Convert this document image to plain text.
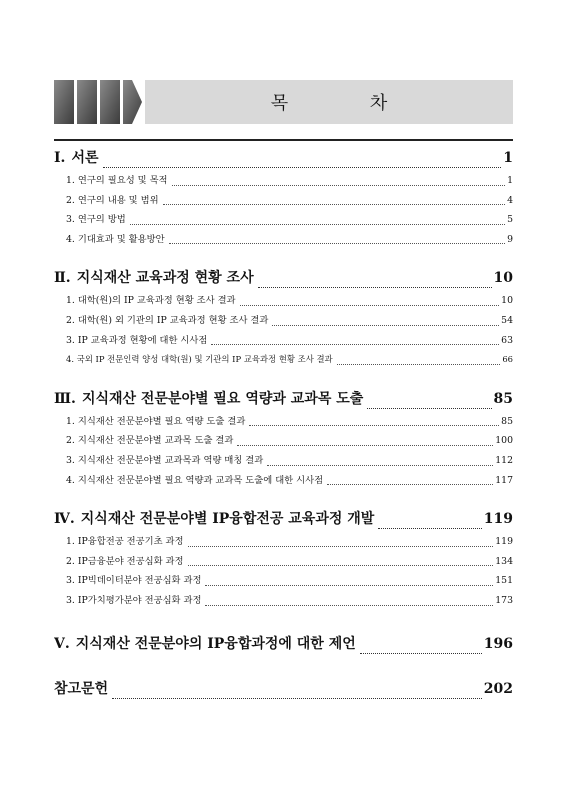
목 차
Ⅰ. 서론	1
1.
연구의 필요성 및 목적	1
2.
연구의 내용 및 범위	4
3.
연구의 방법	5
4.
기대효과 및 활용방안	9
Ⅱ. 지식재산 교육과정 현황 조사	10
1.
대학(원)의 IP 교육과정 현황 조사 결과	10
2.
대학(원) 외 기관의 IP 교육과정 현황 조사 결과	54
3.
IP 교육과정 현황에 대한 시사점	63
4.
국외 IP 전문인력 양성 대학(원) 및 기관의 IP 교육과정 현황 조사 결과	66
Ⅲ. 지식재산 전문분야별 필요 역량과 교과목 도출	85
1.
지식재산 전문분야별 필요 역량 도출 결과	85
2.
지식재산 전문분야별 교과목 도출 결과	100
3.
지식재산 전문분야별 교과목과 역량 매칭 결과	112
4.
지식재산 전문분야별 필요 역량과 교과목 도출에 대한 시사점	117
Ⅳ. 지식재산 전문분야별 IP융합전공 교육과정 개발	119
1.
IP융합전공 전공기초 과정	119
2.
IP금융분야 전공심화 과정	134
3.
IP빅데이터분야 전공심화 과정	151
3.
IP가치평가분야 전공심화 과정	173
Ⅴ. 지식재산 전문분야의 IP융합과정에 대한 제언	196
참고문헌	202
